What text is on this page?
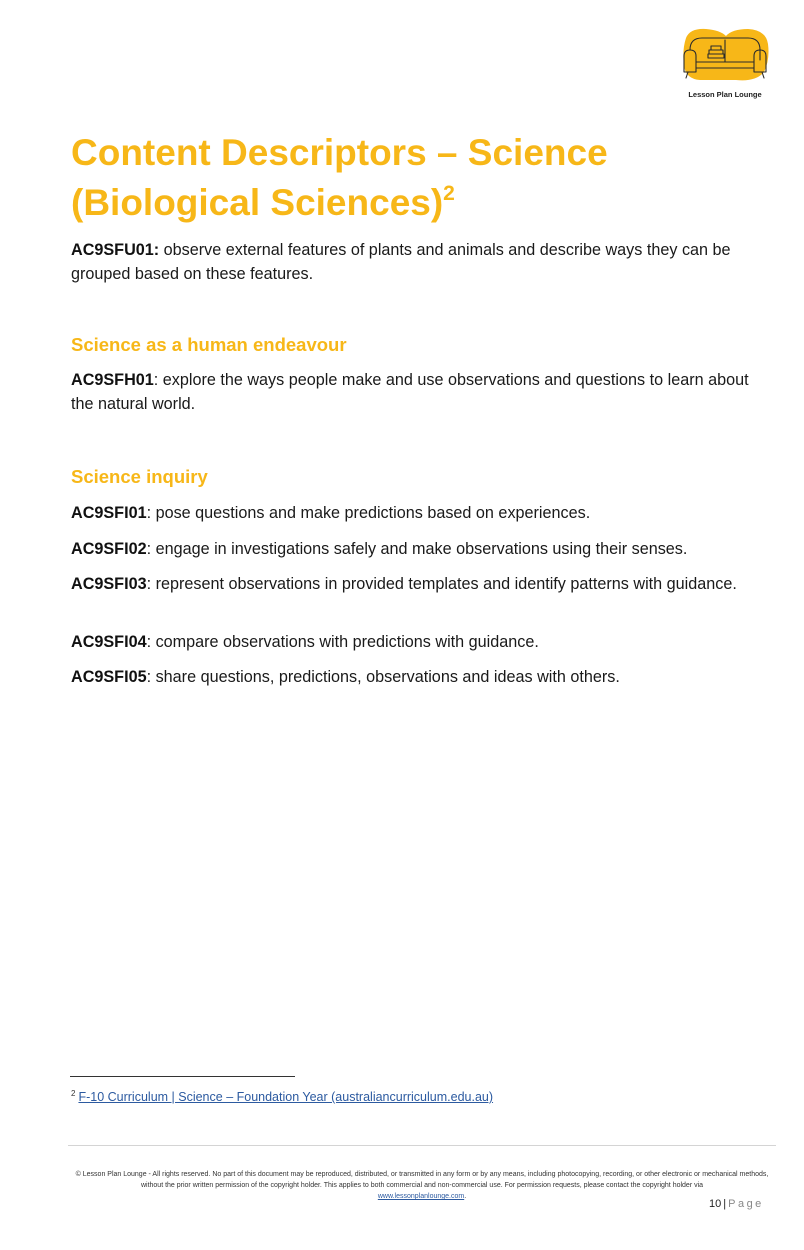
Lesson Plan Lounge
Content Descriptors – Science (Biological Sciences)$^2$

AC9SFU01: observe external features of plants and animals and describe ways they can be grouped based on these features.

Science as a human endeavour

AC9SFH01: explore the ways people make and use observations and questions to learn about the natural world.

Science inquiry

AC9SFI01: pose questions and make predictions based on experiences.

AC9SFI02: engage in investigations safely and make observations using their senses.

AC9SFI03: represent observations in provided templates and identify patterns with guidance.

AC9SFI04: compare observations with predictions with guidance.

AC9SFI05: share questions, predictions, observations and ideas with others.

$^2$ F-10 Curriculum | Science – Foundation Year (australiancurriculum.edu.au)
© Lesson Plan Lounge - All rights reserved. No part of this document may be reproduced, distributed, or transmitted in any form or by any means, including photocopying, recording, or other electronic or mechanical methods, without the prior written permission of the copyright holder. This applies to both commercial and non-commercial use. For permission requests, please contact the copyright holder via
www.lessonplanlounge.com.
10 | Page
